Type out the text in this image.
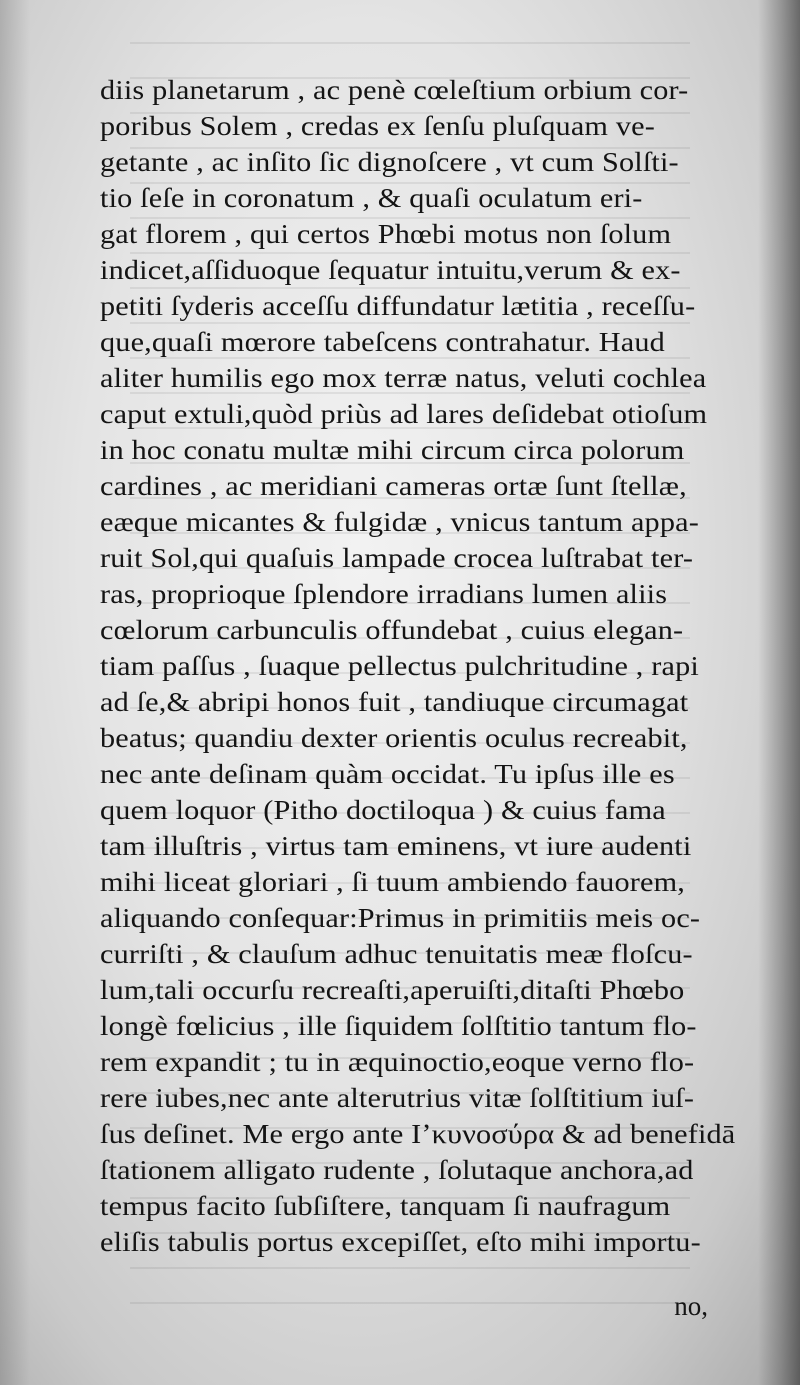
diis planetarum , ac penè cœleſtium orbium cor-
poribus Solem , credas ex ſenſu pluſquam ve-
getante , ac inſito ſic dignoſcere , vt cum Solſti-
tio ſeſe in coronatum , & quaſi oculatum eri-
gat florem , qui certos Phœbi motus non ſolum
indicet,aſſiduoque ſequatur intuitu,verum & ex-
petiti ſyderis acceſſu diffundatur lætitia , receſſu-
que,quaſi mœrore tabeſcens contrahatur. Haud
aliter humilis ego mox terræ natus, veluti cochlea
caput extuli,quòd priùs ad lares deſidebat otioſum
in hoc conatu multæ mihi circum circa polorum
cardines , ac meridiani cameras ortæ ſunt ſtellæ,
eæque micantes & fulgidæ , vnicus tantum appa-
ruit Sol,qui quaſuis lampade crocea luſtrabat ter-
ras, proprioque ſplendore irradians lumen aliis
cœlorum carbunculis offundebat , cuius elegan-
tiam paſſus , ſuaque pellectus pulchritudine , rapi
ad ſe,& abripi honos fuit , tandiuque circumagat
beatus; quandiu dexter orientis oculus recreabit,
nec ante deſinam quàm occidat. Tu ipſus ille es
quem loquor (Pitho doctiloqua ) & cuius fama
tam illuſtris , virtus tam eminens, vt iure audenti
mihi liceat gloriari , ſi tuum ambiendo fauorem,
aliquando conſequar:Primus in primitiis meis oc-
curriſti , & clauſum adhuc tenuitatis meæ floſcu-
lum,tali occurſu recreaſti,aperuiſti,ditaſti Phœbo
longè fœlicius , ille ſiquidem ſolſtitio tantum flo-
rem expandit ; tu in æquinoctio,eoque verno flo-
rere iubes,nec ante alterutrius vitæ ſolſtitium iuſ-
ſus deſinet. Me ergo ante Iʼκυνοσύρα & ad benefidā
ſtationem alligato rudente , ſolutaque anchora,ad
tempus facito ſubſiſtere, tanquam ſi naufragum
eliſis tabulis portus excepiſſet, eſto mihi importu-
no,
